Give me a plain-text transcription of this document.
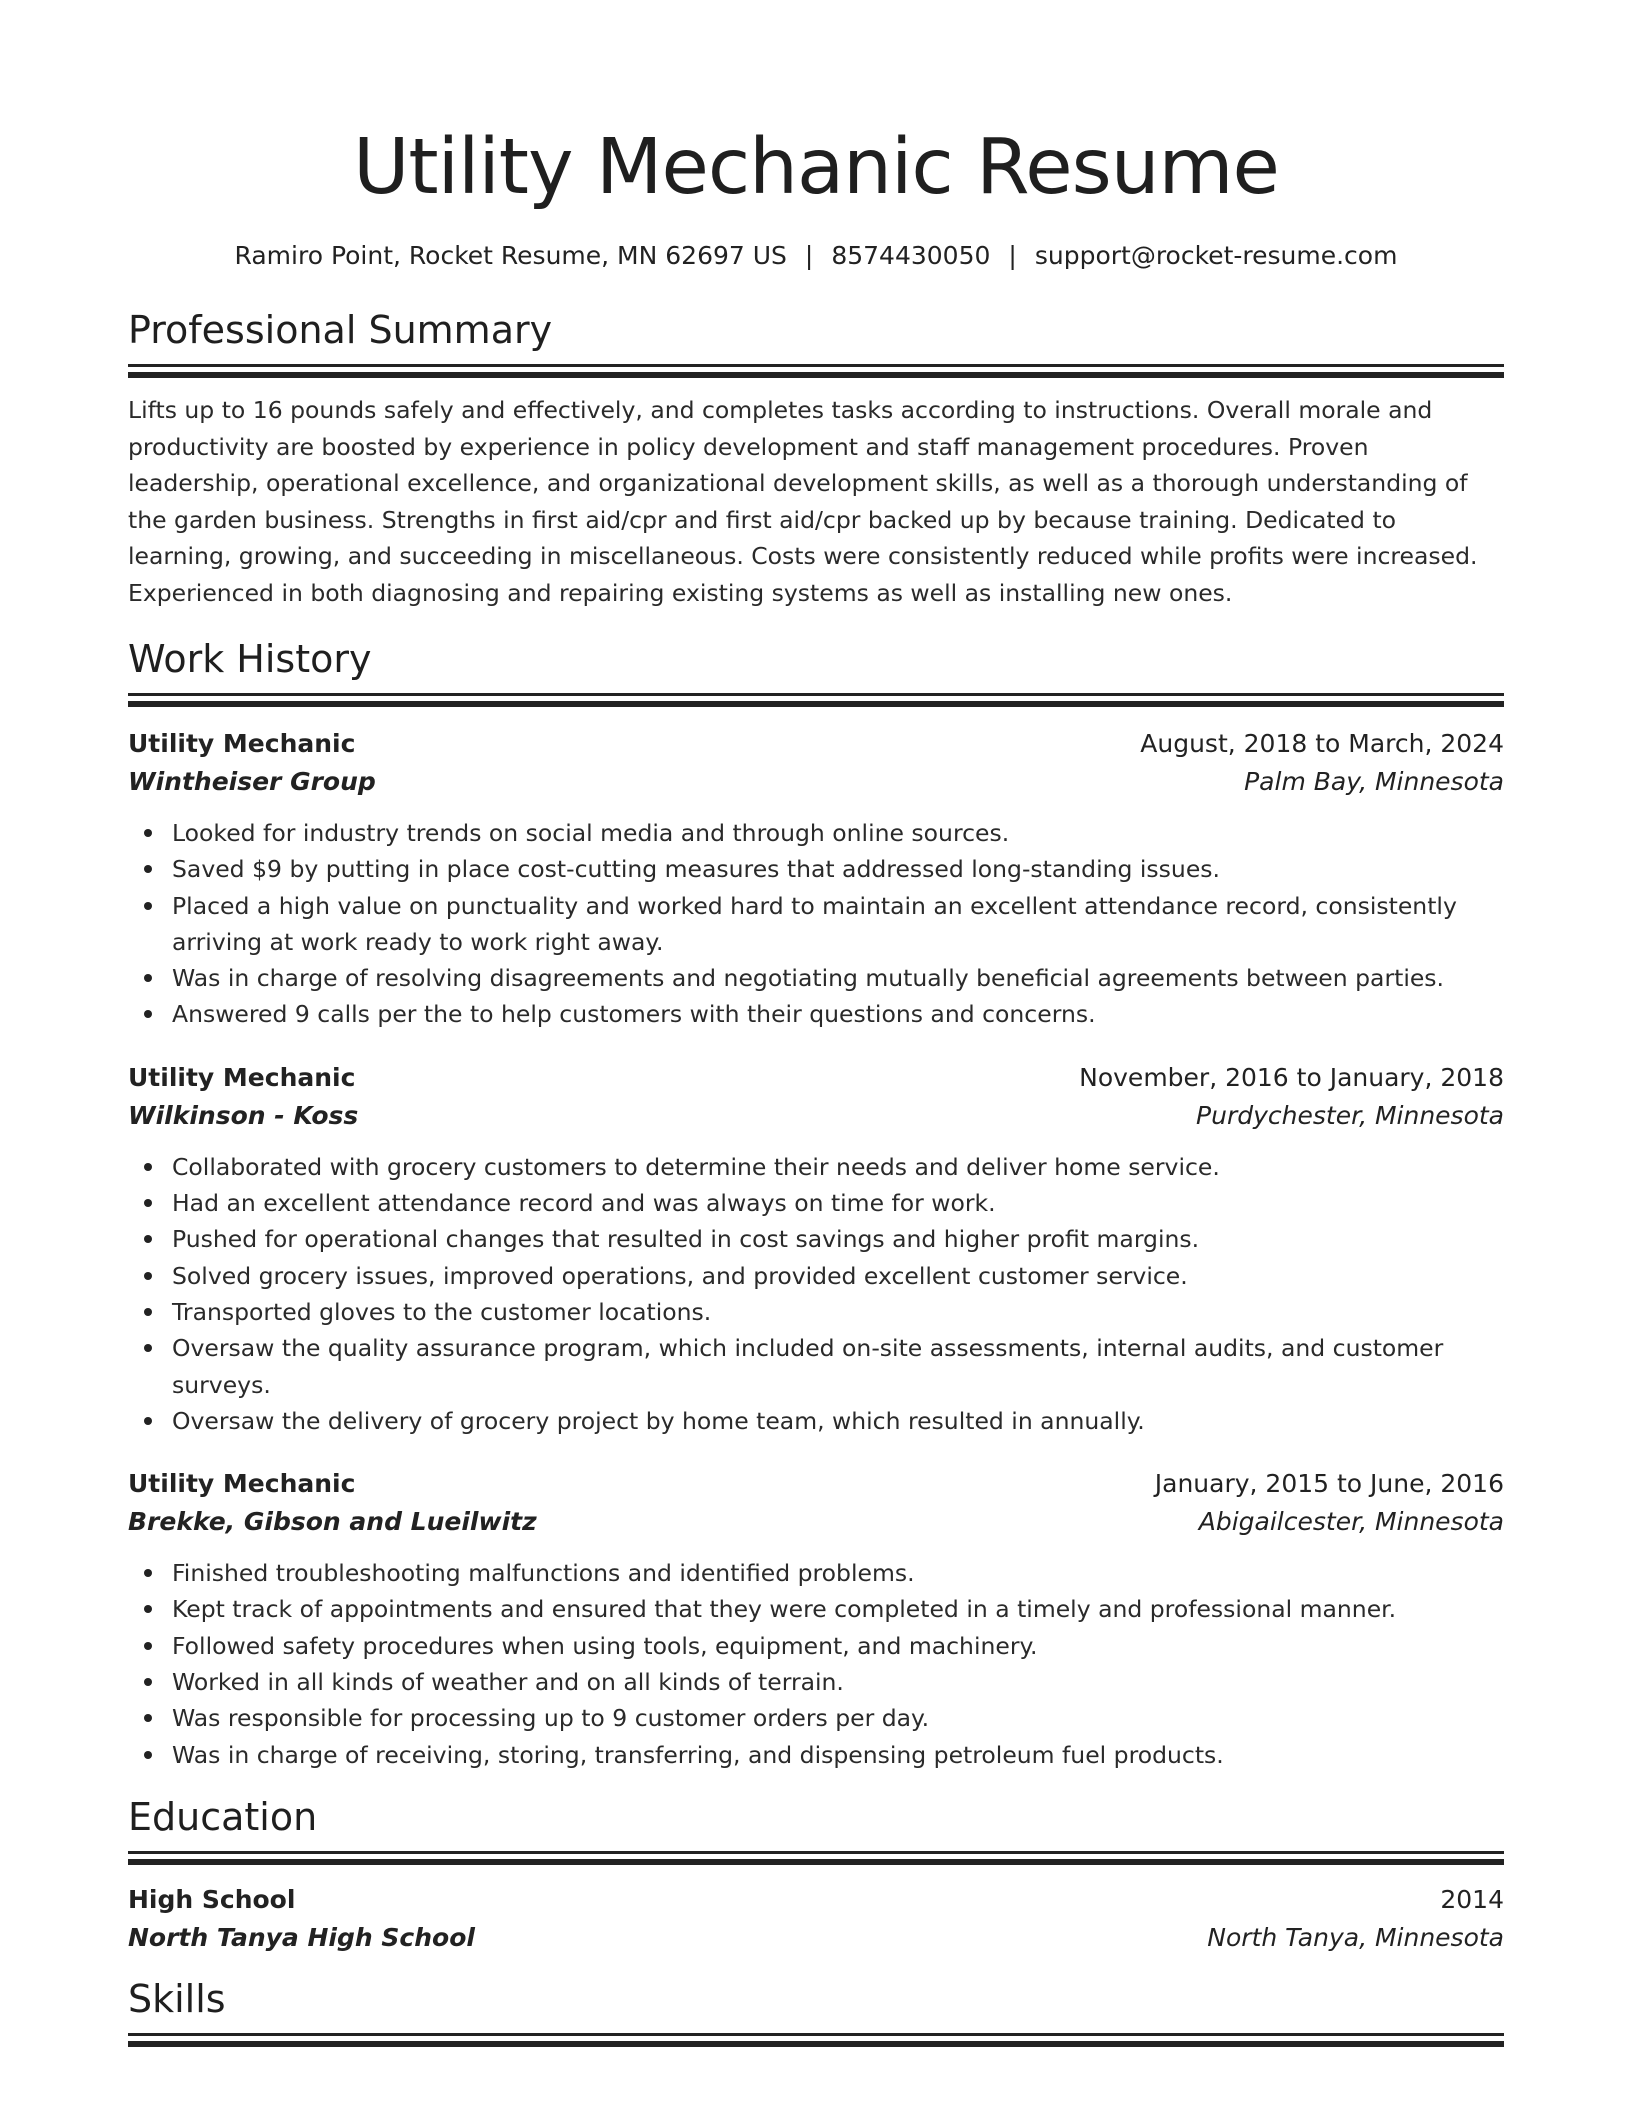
Utility Mechanic Resume
Ramiro Point, Rocket Resume, MN 62697 US | 8574430050 | support@rocket-resume.com
Professional Summary

Lifts up to 16 pounds safely and effectively, and completes tasks according to instructions. Overall morale and productivity are boosted by experience in policy development and staff management procedures. Proven leadership, operational excellence, and organizational development skills, as well as a thorough understanding of the garden business. Strengths in first aid/cpr and first aid/cpr backed up by because training. Dedicated to learning, growing, and succeeding in miscellaneous. Costs were consistently reduced while profits were increased. Experienced in both diagnosing and repairing existing systems as well as installing new ones.

Work History
Utility Mechanic	August, 2018 to March, 2024
Wintheiser Group	Palm Bay, Minnesota
Looked for industry trends on social media and through online sources.
Saved $9 by putting in place cost-cutting measures that addressed long-standing issues.
Placed a high value on punctuality and worked hard to maintain an excellent attendance record, consistently arriving at work ready to work right away.
Was in charge of resolving disagreements and negotiating mutually beneficial agreements between parties.
Answered 9 calls per the to help customers with their questions and concerns.
Utility Mechanic	November, 2016 to January, 2018
Wilkinson - Koss	Purdychester, Minnesota
Collaborated with grocery customers to determine their needs and deliver home service.
Had an excellent attendance record and was always on time for work.
Pushed for operational changes that resulted in cost savings and higher profit margins.
Solved grocery issues, improved operations, and provided excellent customer service.
Transported gloves to the customer locations.
Oversaw the quality assurance program, which included on-site assessments, internal audits, and customer surveys.
Oversaw the delivery of grocery project by home team, which resulted in annually.
Utility Mechanic	January, 2015 to June, 2016
Brekke, Gibson and Lueilwitz	Abigailcester, Minnesota
Finished troubleshooting malfunctions and identified problems.
Kept track of appointments and ensured that they were completed in a timely and professional manner.
Followed safety procedures when using tools, equipment, and machinery.
Worked in all kinds of weather and on all kinds of terrain.
Was responsible for processing up to 9 customer orders per day.
Was in charge of receiving, storing, transferring, and dispensing petroleum fuel products.
Education
High School	2014
North Tanya High School	North Tanya, Minnesota
Skills
